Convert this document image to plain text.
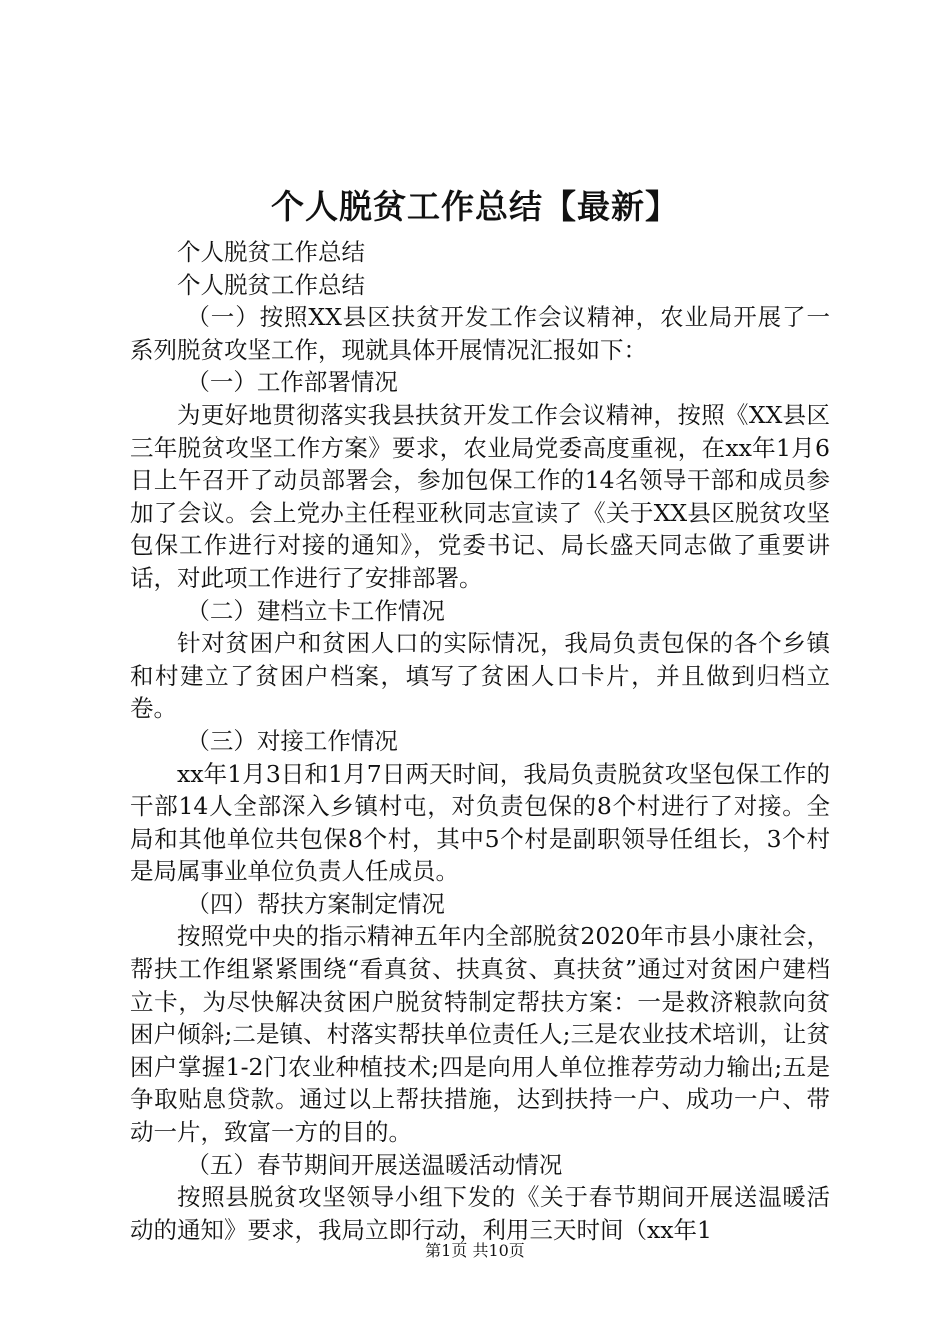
个人脱贫工作总结【最新】

个人脱贫工作总结

个人脱贫工作总结

（一）按照XX县区扶贫开发工作会议精神，农业局开展了一系列脱贫攻坚工作，现就具体开展情况汇报如下：

（一）工作部署情况

为更好地贯彻落实我县扶贫开发工作会议精神，按照《XX县区三年脱贫攻坚工作方案》要求，农业局党委高度重视，在xx年1月6日上午召开了动员部署会，参加包保工作的14名领导干部和成员参加了会议。会上党办主任程亚秋同志宣读了《关于XX县区脱贫攻坚包保工作进行对接的通知》，党委书记、局长盛天同志做了重要讲话，对此项工作进行了安排部署。

（二）建档立卡工作情况

针对贫困户和贫困人口的实际情况，我局负责包保的各个乡镇和村建立了贫困户档案，填写了贫困人口卡片，并且做到归档立卷。

（三）对接工作情况

xx年1月3日和1月7日两天时间，我局负责脱贫攻坚包保工作的干部14人全部深入乡镇村屯，对负责包保的8个村进行了对接。全局和其他单位共包保8个村，其中5个村是副职领导任组长，3个村是局属事业单位负责人任成员。

（四）帮扶方案制定情况

按照党中央的指示精神五年内全部脱贫2020年市县小康社会，帮扶工作组紧紧围绕“看真贫、扶真贫、真扶贫”通过对贫困户建档立卡，为尽快解决贫困户脱贫特制定帮扶方案：一是救济粮款向贫困户倾斜;二是镇、村落实帮扶单位责任人;三是农业技术培训，让贫困户掌握1-2门农业种植技术;四是向用人单位推荐劳动力输出;五是争取贴息贷款。通过以上帮扶措施，达到扶持一户、成功一户、带动一片，致富一方的目的。

（五）春节期间开展送温暖活动情况

按照县脱贫攻坚领导小组下发的《关于春节期间开展送温暖活动的通知》要求，我局立即行动，利用三天时间（xx年1

第1页 共10页
